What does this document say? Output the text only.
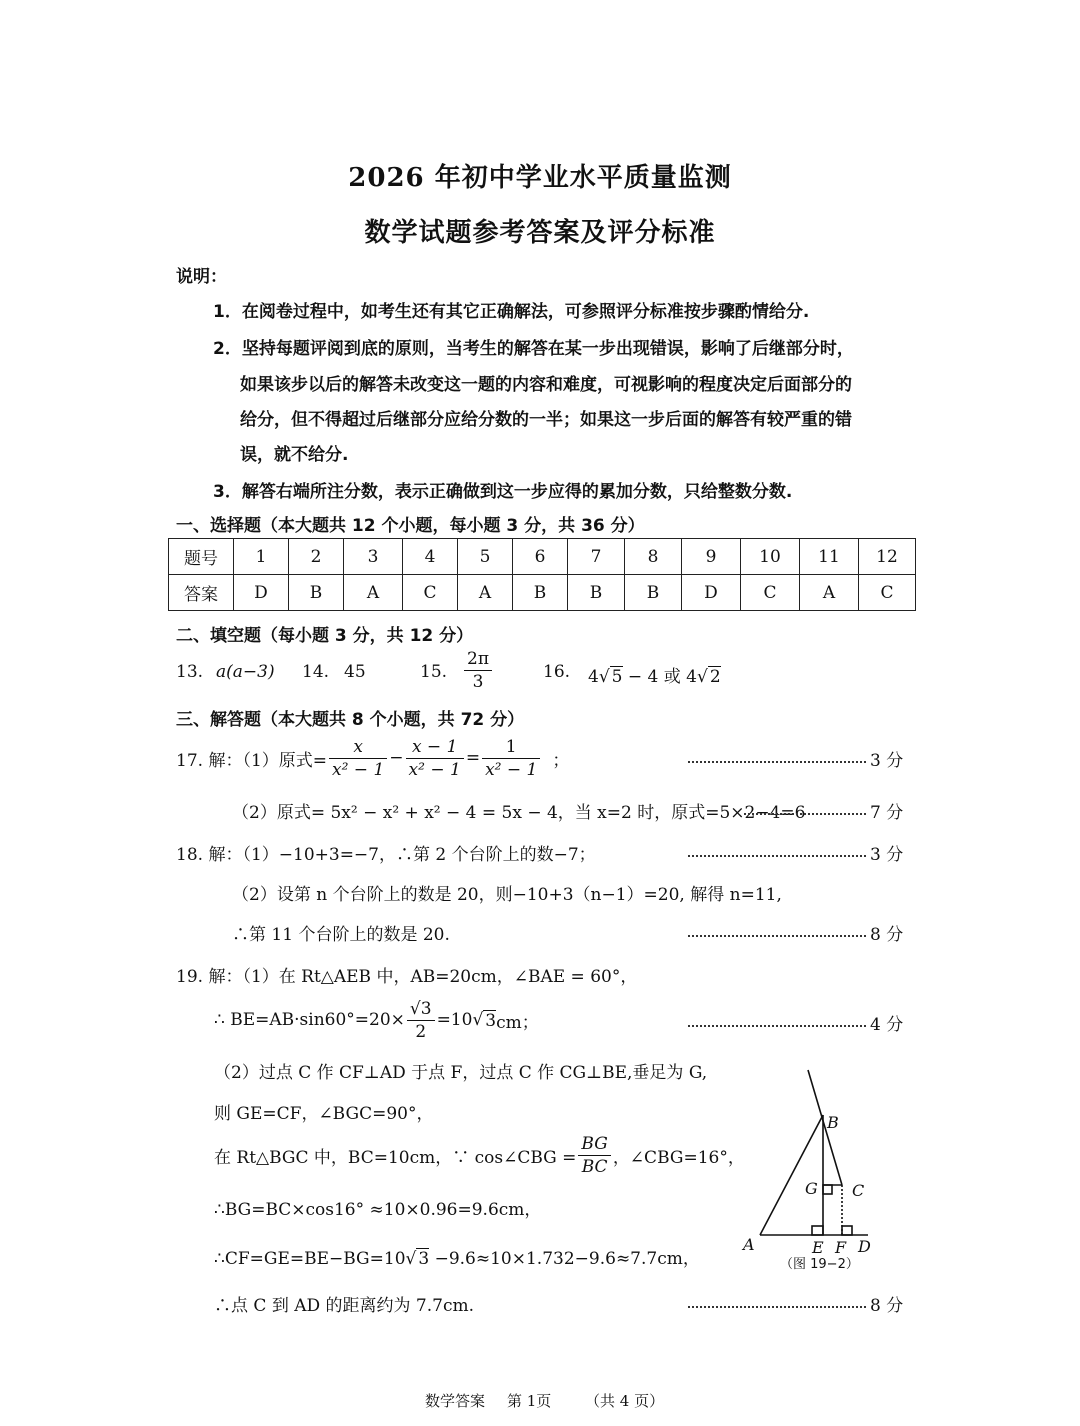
2026 年初中学业水平质量监测
数学试题参考答案及评分标准
说明：
1．在阅卷过程中，如考生还有其它正确解法，可参照评分标准按步骤酌情给分.
2．坚持每题评阅到底的原则，当考生的解答在某一步出现错误，影响了后继部分时，
如果该步以后的解答未改变这一题的内容和难度，可视影响的程度决定后面部分的
给分，但不得超过后继部分应给分数的一半；如果这一步后面的解答有较严重的错
误，就不给分.
3．解答右端所注分数，表示正确做到这一步应得的累加分数，只给整数分数.
一、选择题（本大题共 12 个小题，每小题 3 分，共 36 分）
题号	1	2	3	4	5	6	7	8	9	10	11	12
答案	D	B	A	C	A	B	B	B	D	C	A	C
二、填空题（每小题 3 分，共 12 分）
13. a(a−3) 14. 45	15. $\frac{2\pi}{3}$	16. 4√ 5 − 4 或 4√ 2
三、解答题（本大题共 8 个小题，共 72 分）
17. 解：（1）原式= $\frac{x}{\text{x² − 1}} - \frac{x - 1}{\text{x² − 1}} = \frac{1}{\text{x² − 1}}$ ；	3 分
（2）原式= 5x² − x² + x² − 4 = 5x − 4，当 x=2 时，原式=5×2−4=6	7 分
18. 解：（1）−10+3=−7，∴第 2 个台阶上的数−7；	3 分
（2）设第 n 个台阶上的数是 20，则−10+3（n−1）=20, 解得 n=11,
∴第 11 个台阶上的数是 20.	8 分
19. 解：（1）在 Rt△AEB 中，AB=20cm，∠BAE = 60°，
∴ $BE=AB\cdot\sin 60^\circ=20\times \frac{√3}{2} =10$ √ 3 cm；	4 分
（2）过点 C 作 CF⊥AD 于点 F，过点 C 作 CG⊥BE,垂足为 G,
则 GE=CF，∠BGC=90°，
在 Rt△BGC 中，BC=10cm，∵ cos∠CBG = $\frac{BG}{BC}$ ，∠CBG=16°，
∴BG=BC×cos16° ≈10×0.96=9.6cm，
∴CF=GE=BE−BG=10√ 3 −9.6≈10×1.732−9.6≈7.7cm，
∴点 C 到 AD 的距离约为 7.7cm.	8 分
A
B
C
D
E F
G
（图 19−2）
数学答案 第 1页 （共 4 页）
